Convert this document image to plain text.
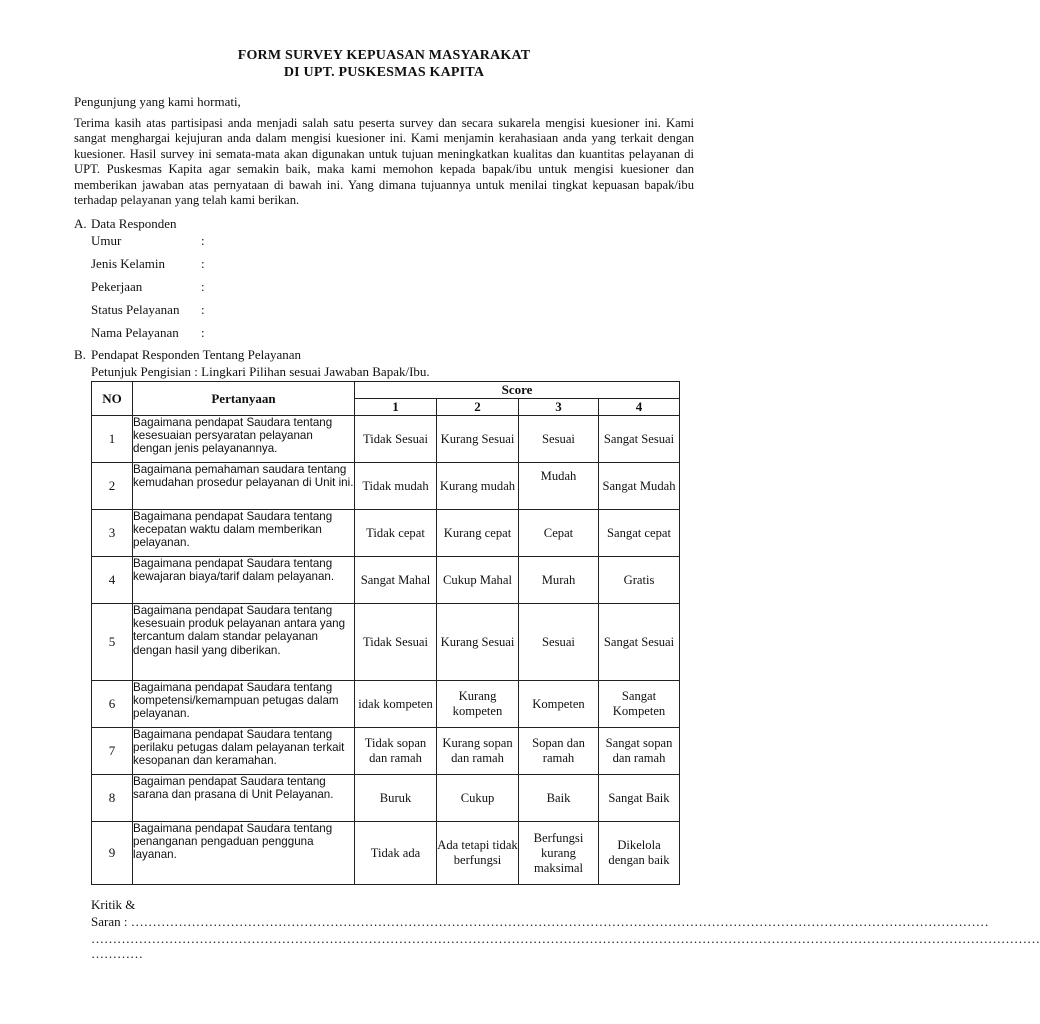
FORM SURVEY KEPUASAN MASYARAKAT
DI UPT. PUSKESMAS KAPITA
Pengunjung yang kami hormati,
Terima kasih atas partisipasi anda menjadi salah satu peserta survey dan secara sukarela mengisi kuesioner ini. Kami sangat menghargai kejujuran anda dalam mengisi kuesioner ini. Kami menjamin kerahasiaan anda yang terkait dengan kuesioner. Hasil survey ini semata-mata akan digunakan untuk tujuan meningkatkan kualitas dan kuantitas pelayanan di UPT. Puskesmas Kapita agar semakin baik, maka kami memohon kepada bapak/ibu untuk mengisi kuesioner dan memberikan jawaban atas pernyataan di bawah ini. Yang dimana tujuannya untuk menilai tingkat kepuasan bapak/ibu terhadap pelayanan yang telah kami berikan.
A. Data Responden
Umur	:
Jenis Kelamin	:
Pekerjaan	:
Status Pelayanan :
Nama Pelayanan :
B. Pendapat Responden Tentang Pelayanan
Petunjuk Pengisian : Lingkari Pilihan sesuai Jawaban Bapak/Ibu.
NO	Pertanyaan	Score			
		1	2	3	4
1	Bagaimana pendapat Saudara tentang kesesuaian persyaratan pelayanan dengan jenis pelayanannya.	Tidak Sesuai	Kurang Sesuai	Sesuai	Sangat Sesuai
2	Bagaimana pemahaman saudara tentang kemudahan prosedur pelayanan di Unit ini.	Tidak mudah	Kurang mudah	Mudah	Sangat Mudah
3	Bagaimana pendapat Saudara tentang kecepatan waktu dalam memberikan pelayanan.	Tidak cepat	Kurang cepat	Cepat	Sangat cepat
4	Bagaimana pendapat Saudara tentang kewajaran biaya/tarif dalam pelayanan.	Sangat Mahal	Cukup Mahal	Murah	Gratis
5	Bagaimana pendapat Saudara tentang kesesuain produk pelayanan antara yang tercantum dalam standar pelayanan dengan hasil yang diberikan.	Tidak Sesuai	Kurang Sesuai	Sesuai	Sangat Sesuai
6	Bagaimana pendapat Saudara tentang kompetensi/kemampuan petugas dalam pelayanan.	idak kompeten	Kurang kompeten	Kompeten	Sangat Kompeten
7	Bagaimana pendapat Saudara tentang perilaku petugas dalam pelayanan terkait kesopanan dan keramahan.	Tidak sopan dan ramah	Kurang sopan dan ramah	Sopan dan ramah	Sangat sopan dan ramah
8	Bagaiman pendapat Saudara tentang sarana dan prasana di Unit Pelayanan.	Buruk	Cukup	Baik	Sangat Baik
9	Bagaimana pendapat Saudara tentang penanganan pengaduan pengguna layanan.	Tidak ada	Ada tetapi tidak berfungsi	Berfungsi kurang maksimal	Dikelola dengan baik
Kritik &
Saran : ………………………………………………………………………………………………………………………………………………………………………………
…………………………………………………………………………………………………………………………………………………………………………………………………
…………
